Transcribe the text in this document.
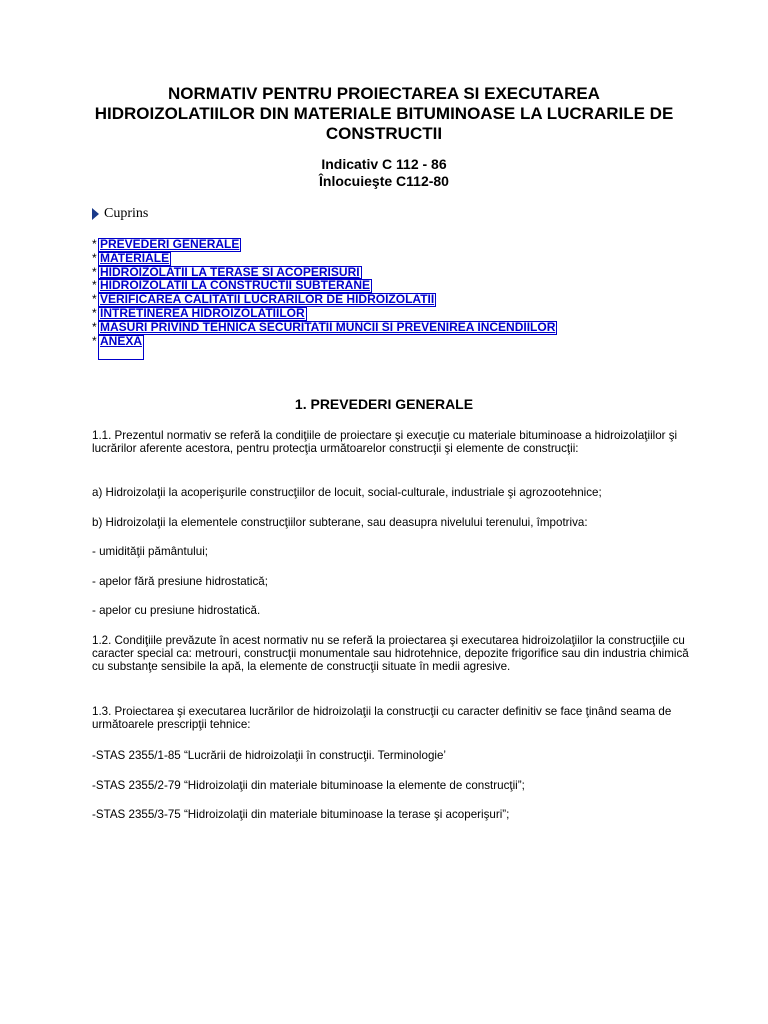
NORMATIV PENTRU PROIECTAREA SI EXECUTAREA
HIDROIZOLATIILOR DIN MATERIALE BITUMINOASE LA LUCRARILE DE
CONSTRUCTII
Indicativ C 112 - 86
Înlocuieşte C112-80
Cuprins
* PREVEDERI GENERALE
* MATERIALE
* HIDROIZOLATII LA TERASE SI ACOPERISURI
* HIDROIZOLATII LA CONSTRUCTII SUBTERANE
* VERIFICAREA CALITATII LUCRARILOR DE HIDROIZOLATII
* INTRETINEREA HIDROIZOLATIILOR
* MASURI PRIVIND TEHNICA SECURITATII MUNCII SI PREVENIREA INCENDIILOR
* ANEXA
1. PREVEDERI GENERALE

1.1. Prezentul normativ se referă la condiţiile de proiectare şi execuţie cu materiale bituminoase a hidroizolaţiilor şi lucrărilor aferente acestora, pentru protecţia următoarelor construcţii şi elemente de construcţii:

a) Hidroizolaţii la acoperişurile construcţiilor de locuit, social-culturale, industriale şi agrozootehnice;

b) Hidroizolaţii la elementele construcţiilor subterane, sau deasupra nivelului terenului, împotriva:

- umidităţii pământului;

- apelor fără presiune hidrostatică;

- apelor cu presiune hidrostatică.

1.2. Condiţiile prevăzute în acest normativ nu se referă la proiectarea şi executarea hidroizolaţiilor la construcţiile cu caracter special ca: metrouri, construcţii monumentale sau hidrotehnice, depozite frigorifice sau din industria chimică cu substanţe sensibile la apă, la elemente de construcţii situate în medii agresive.

1.3. Proiectarea şi executarea lucrărilor de hidroizolaţii la construcţii cu caracter definitiv se face ţinând seama de următoarele prescripţii tehnice:

-STAS 2355/1-85 “Lucrării de hidroizolaţii în construcţii. Terminologie’

-STAS 2355/2-79 “Hidroizolaţii din materiale bituminoase la elemente de construcţii”;

-STAS 2355/3-75 “Hidroizolaţii din materiale bituminoase la terase şi acoperişuri”;
